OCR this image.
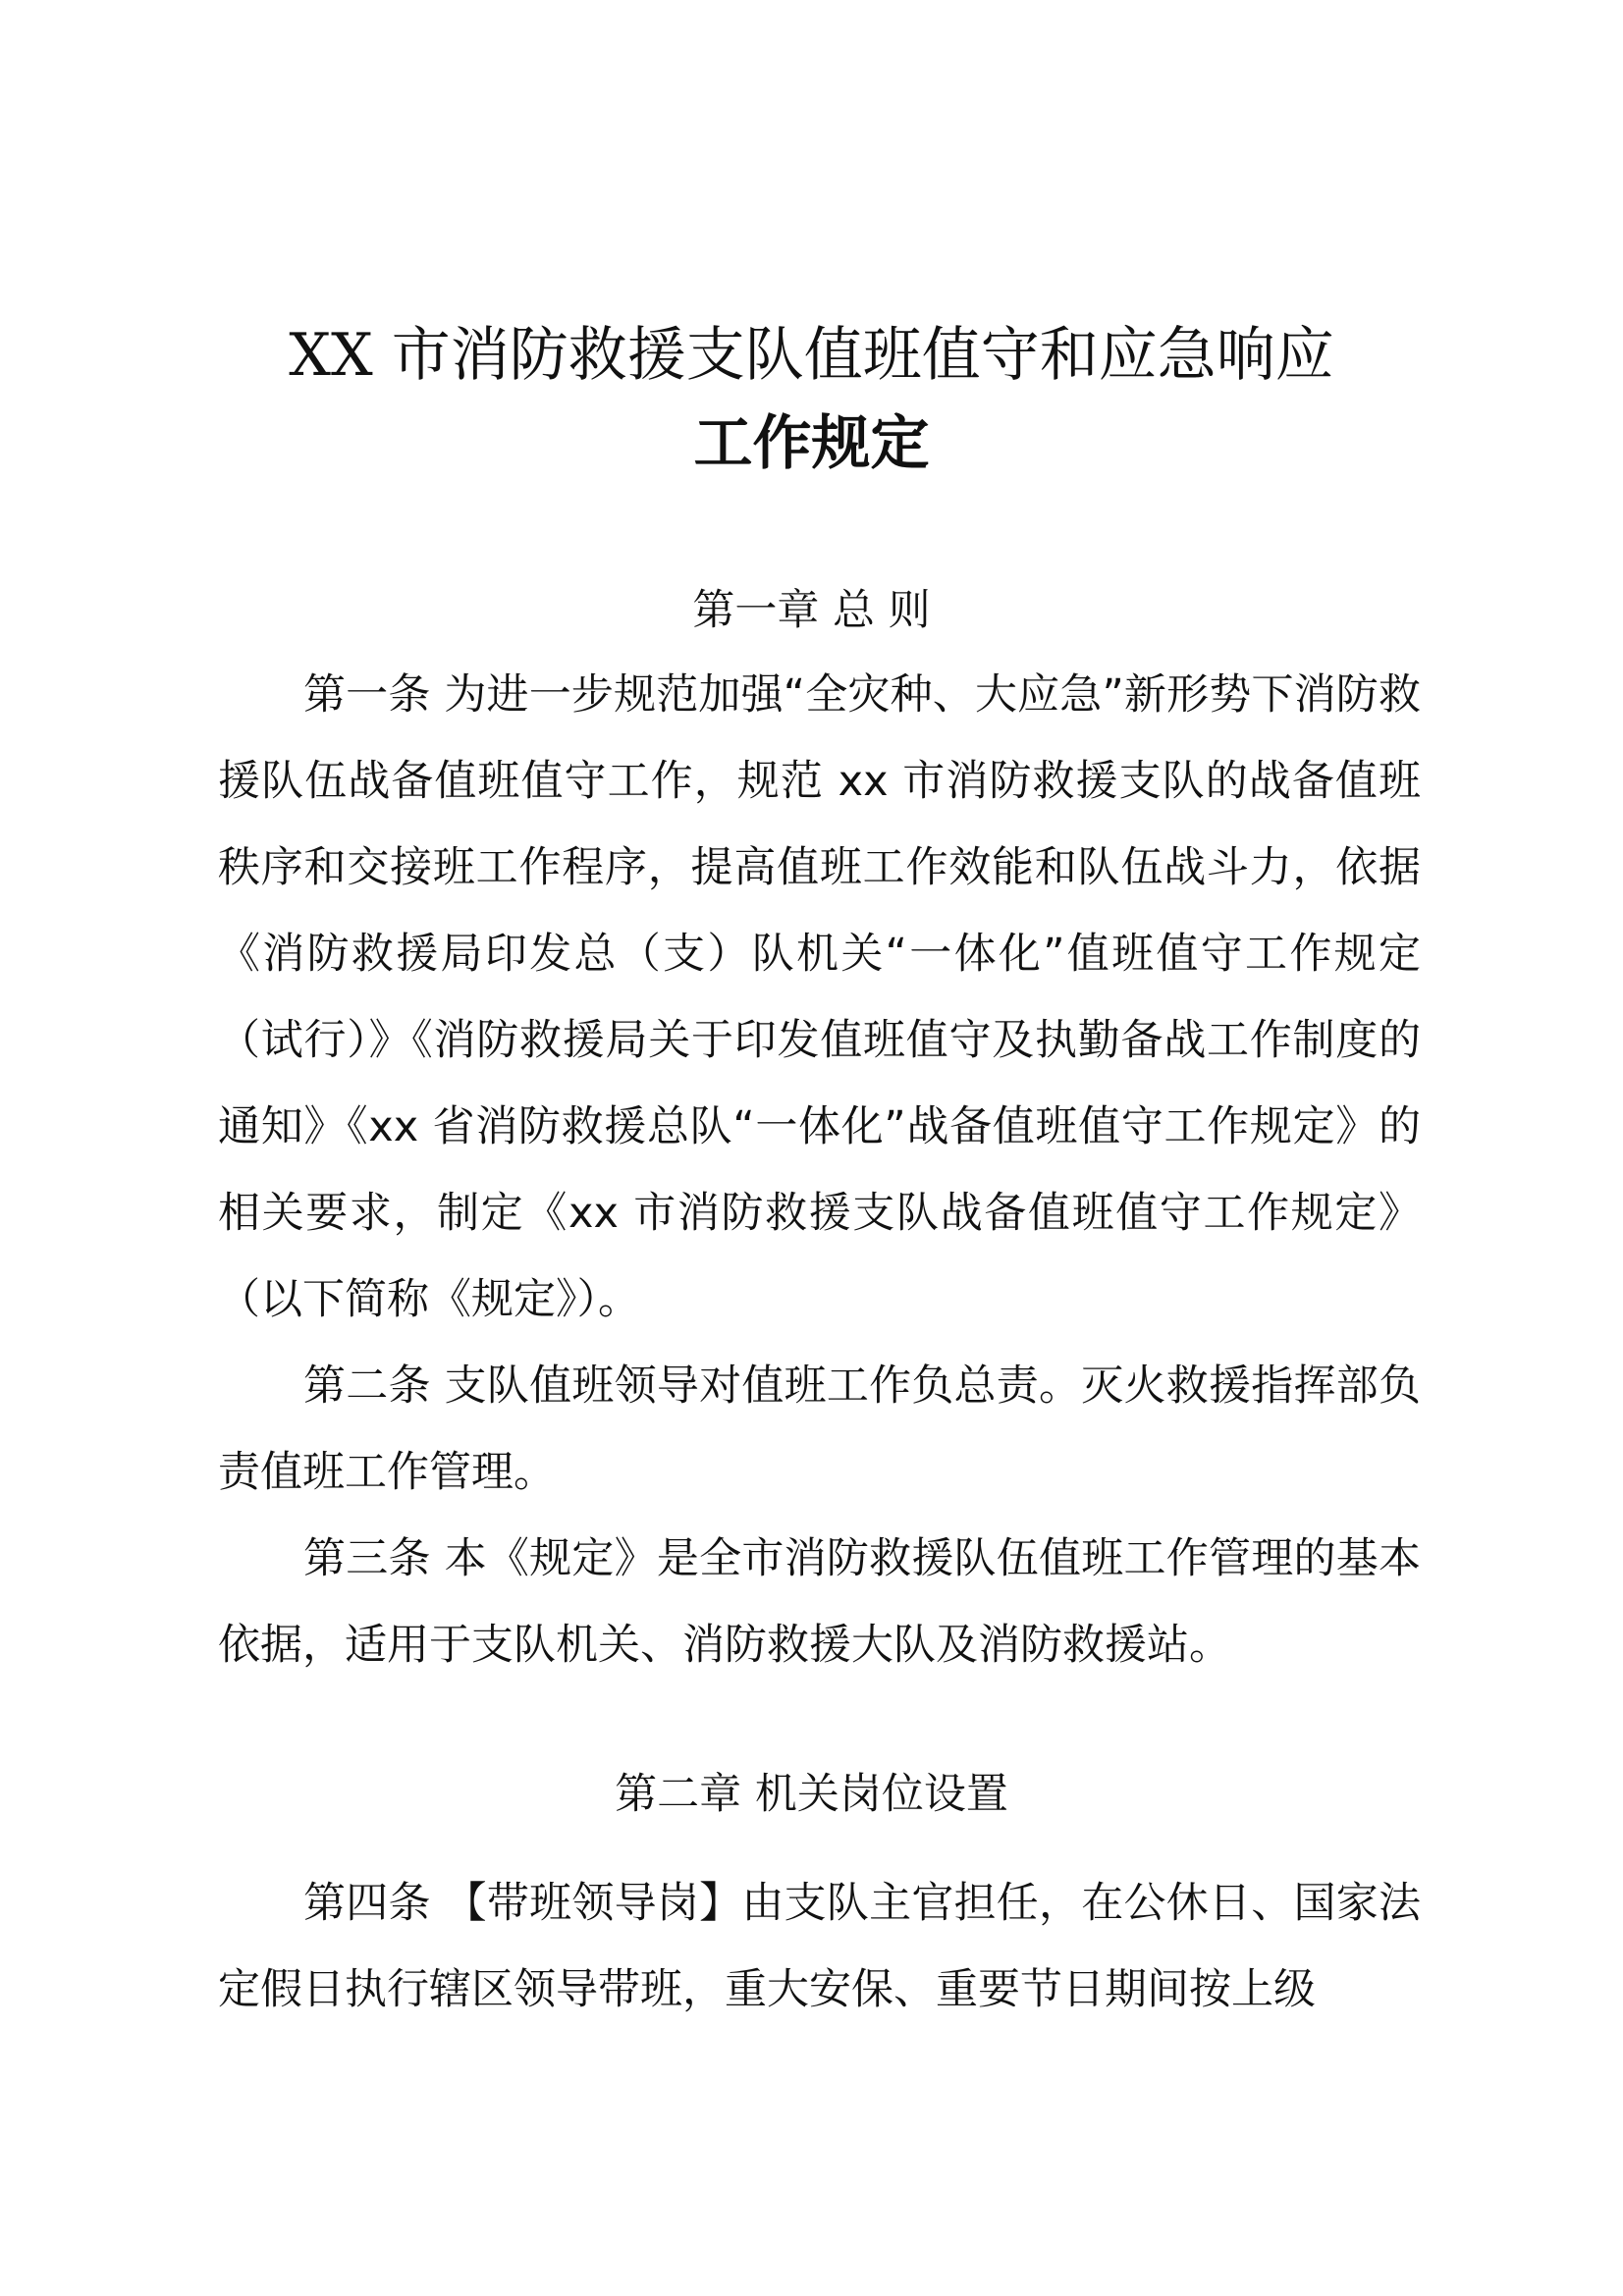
XX 市消防救援支队值班值守和应急响应
工作规定
第一章 总 则

第一条 为进一步规范加强“全灾种、大应急”新形势下消防救援队伍战备值班值守工作，规范 xx 市消防救援支队的战备值班秩序和交接班工作程序，提高值班工作效能和队伍战斗力，依据《消防救援局印发总（支）队机关“一体化”值班值守工作规定（试行）》《消防救援局关于印发值班值守及执勤备战工作制度的通知》《xx 省消防救援总队“一体化”战备值班值守工作规定》的相关要求，制定《xx 市消防救援支队战备值班值守工作规定》（以下简称《规定》）。

第二条 支队值班领导对值班工作负总责。灭火救援指挥部负责值班工作管理。

第三条 本《规定》是全市消防救援队伍值班工作管理的基本依据，适用于支队机关、消防救援大队及消防救援站。

第二章 机关岗位设置

第四条 【带班领导岗】由支队主官担任，在公休日、国家法定假日执行辖区领导带班，重大安保、重要节日期间按上级
